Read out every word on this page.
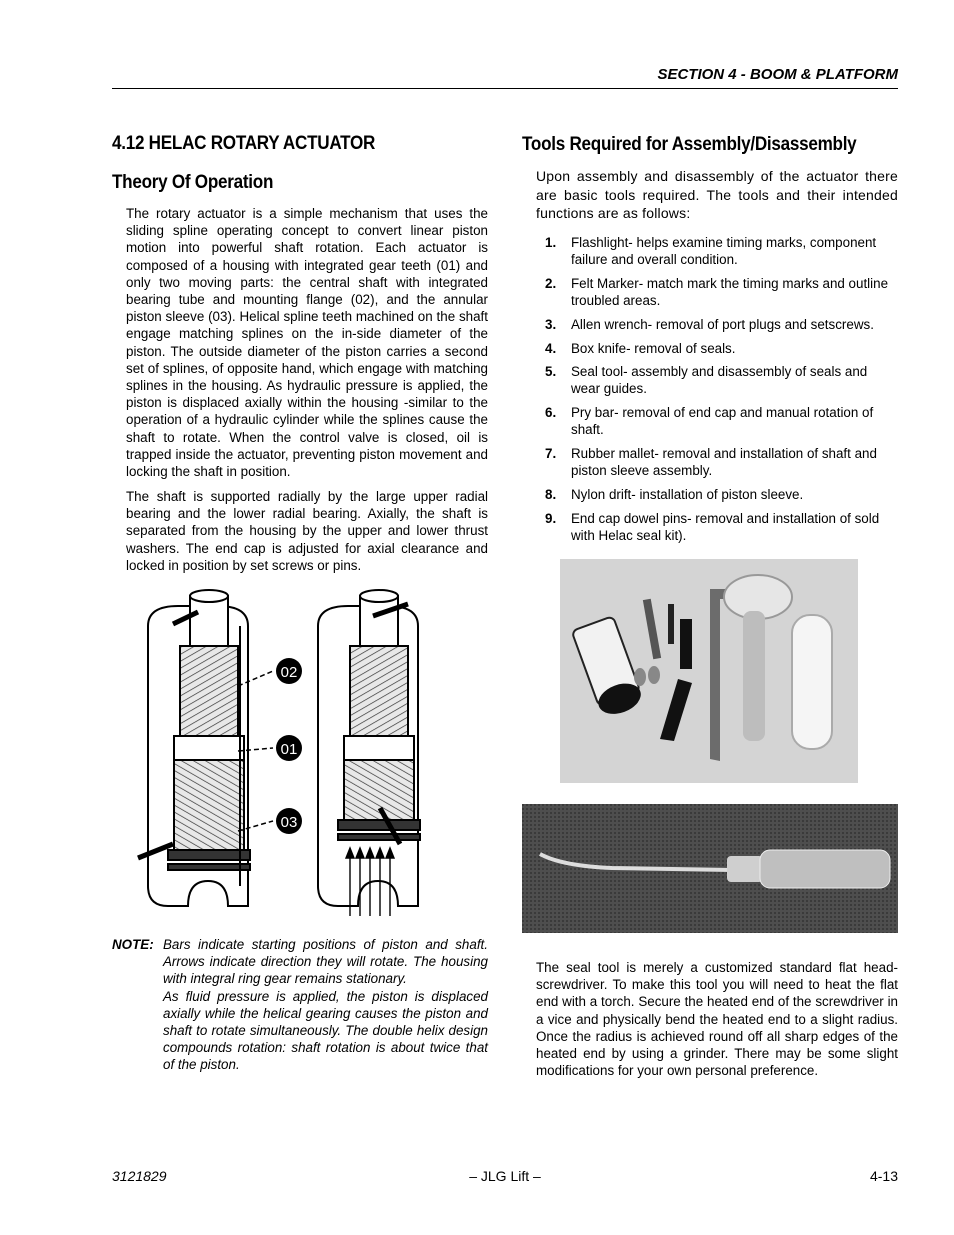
SECTION 4 - BOOM & PLATFORM
4.12 HELAC ROTARY ACTUATOR
Theory Of Operation

The rotary actuator is a simple mechanism that uses the sliding spline operating concept to convert linear piston motion into powerful shaft rotation. Each actuator is composed of a housing with integrated gear teeth (01) and only two moving parts: the central shaft with integrated bearing tube and mounting flange (02), and the annular piston sleeve (03). Helical spline teeth machined on the shaft engage matching splines on the in-side diameter of the piston. The outside diameter of the piston carries a second set of splines, of opposite hand, which engage with matching splines in the housing. As hydraulic pressure is applied, the piston is displaced axially within the housing -similar to the operation of a hydraulic cylinder while the splines cause the shaft to rotate. When the control valve is closed, oil is trapped inside the actuator, preventing piston movement and locking the shaft in position.

The shaft is supported radially by the large upper radial bearing and the lower radial bearing. Axially, the shaft is separated from the housing by the upper and lower thrust washers. The end cap is adjusted for axial clearance and locked in position by set screws or pins.

02
01
03
NOTE: Bars indicate starting positions of piston and shaft. Arrows indicate direction they will rotate. The housing with integral ring gear remains stationary.

As fluid pressure is applied, the piston is displaced axially while the helical gearing causes the piston and shaft to rotate simultaneously. The double helix design compounds rotation: shaft rotation is about twice that of the piston.

Tools Required for Assembly/Disassembly

Upon assembly and disassembly of the actuator there are basic tools required. The tools and their intended functions are as follows:

1. Flashlight- helps examine timing marks, component failure and overall condition.
2. Felt Marker- match mark the timing marks and outline troubled areas.
3. Allen wrench- removal of port plugs and setscrews.
4. Box knife- removal of seals.
5. Seal tool- assembly and disassembly of seals and wear guides.
6. Pry bar- removal of end cap and manual rotation of shaft.
7. Rubber mallet- removal and installation of shaft and piston sleeve assembly.
8. Nylon drift- installation of piston sleeve.
9. End cap dowel pins- removal and installation of sold with Helac seal kit).

The seal tool is merely a customized standard flat head-screwdriver. To make this tool you will need to heat the flat end with a torch. Secure the heated end of the screwdriver in a vice and physically bend the heated end to a slight radius. Once the radius is achieved round off all sharp edges of the heated end by using a grinder. There may be some slight modifications for your own personal preference.

3121829	– JLG Lift –	4-13
